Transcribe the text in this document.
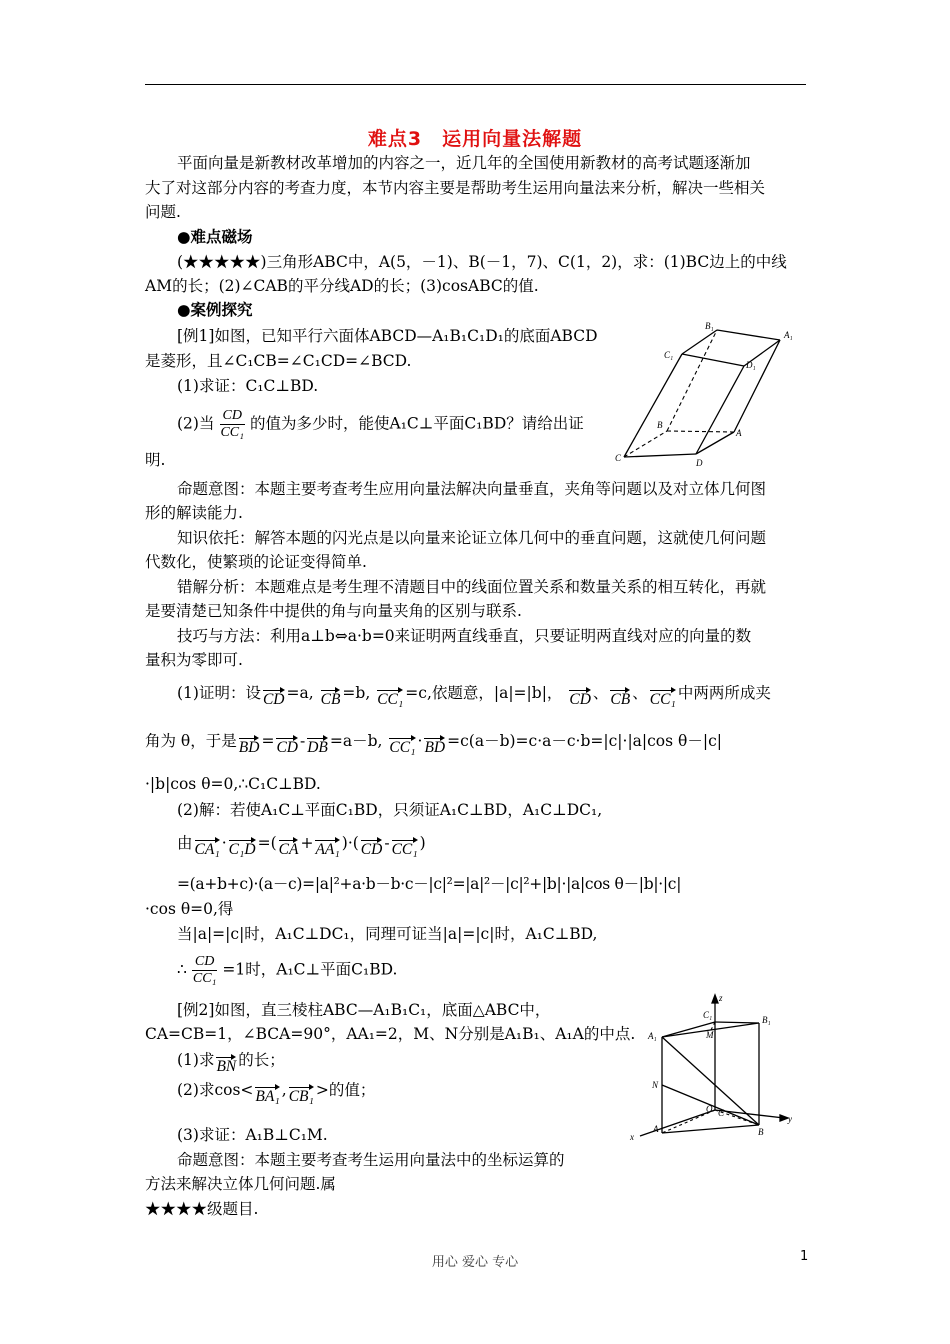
难点3　运用向量法解题
平面向量是新教材改革增加的内容之一，近几年的全国使用新教材的高考试题逐渐加
大了对这部分内容的考查力度，本节内容主要是帮助考生运用向量法来分析，解决一些相关
问题.
●难点磁场
(★★★★★)三角形ABC中，A(5，－1)、B(－1，7)、C(1，2)，求：(1)BC边上的中线
AM的长；(2)∠CAB的平分线AD的长；(3)cosABC的值.
●案例探究
[例1]如图，已知平行六面体ABCD—A₁B₁C₁D₁的底面ABCD
是菱形，且∠C₁CB=∠C₁CD=∠BCD.
(1)求证：C₁C⊥BD.
(2)当 $\frac{CD}{\text{CC₁}}$ 的值为多少时，能使A₁C⊥平面C₁BD？请给出证
明.
B₁
A₁
C₁
D₁
B
A
C	D
命题意图：本题主要考查考生应用向量法解决向量垂直，夹角等问题以及对立体几何图
形的解读能力.
知识依托：解答本题的闪光点是以向量来论证立体几何中的垂直问题，这就使几何问题
代数化，使繁琐的论证变得简单.
错解分析：本题难点是考生理不清题目中的线面位置关系和数量关系的相互转化，再就
是要清楚已知条件中提供的角与向量夹角的区别与联系.
技巧与方法：利用a⊥b⇔a·b=0来证明两直线垂直，只要证明两直线对应的向量的数
量积为零即可.
(1)证明：设 CD =a, CB =b, CC₁ =c,依题意，|a|=|b|， CD 、 CB 、 CC₁ 中两两所成夹
角为 θ，于是 BD = CD - DB =a－b, CC₁ · BD =c(a－b)=c·a－c·b=|c|·|a|cos θ－|c|
·|b|cos θ=0,∴C₁C⊥BD.
(2)解：若使A₁C⊥平面C₁BD，只须证A₁C⊥BD，A₁C⊥DC₁,
由 CA₁ · C₁D =( CA + AA₁ )·( CD - CC₁ )
=(a+b+c)·(a－c)=|a|²+a·b－b·c－|c|²=|a|²－|c|²+|b|·|a|cos θ－|b|·|c|
·cos θ=0,得
当|a|=|c|时，A₁C⊥DC₁，同理可证当|a|=|c|时，A₁C⊥BD,
∴ $\frac{CD}{\text{CC₁}} =1$时，A₁C⊥平面C₁BD.
[例2]如图，直三棱柱ABC—A₁B₁C₁，底面△ABC中，
CA=CB=1，∠BCA=90°，AA₁=2，M、N分别是A₁B₁、A₁A的中点.
(1)求 BN 的长；
(2)求cos< BA₁ , CB₁ >的值；
(3)求证：A₁B⊥C₁M.
命题意图：本题主要考查考生运用向量法中的坐标运算的
方法来解决立体几何问题.属
★★★★级题目.
z
C₁	B₁
A₁	M
N
O C
y
A	B
x
用心 爱心 专心	1
